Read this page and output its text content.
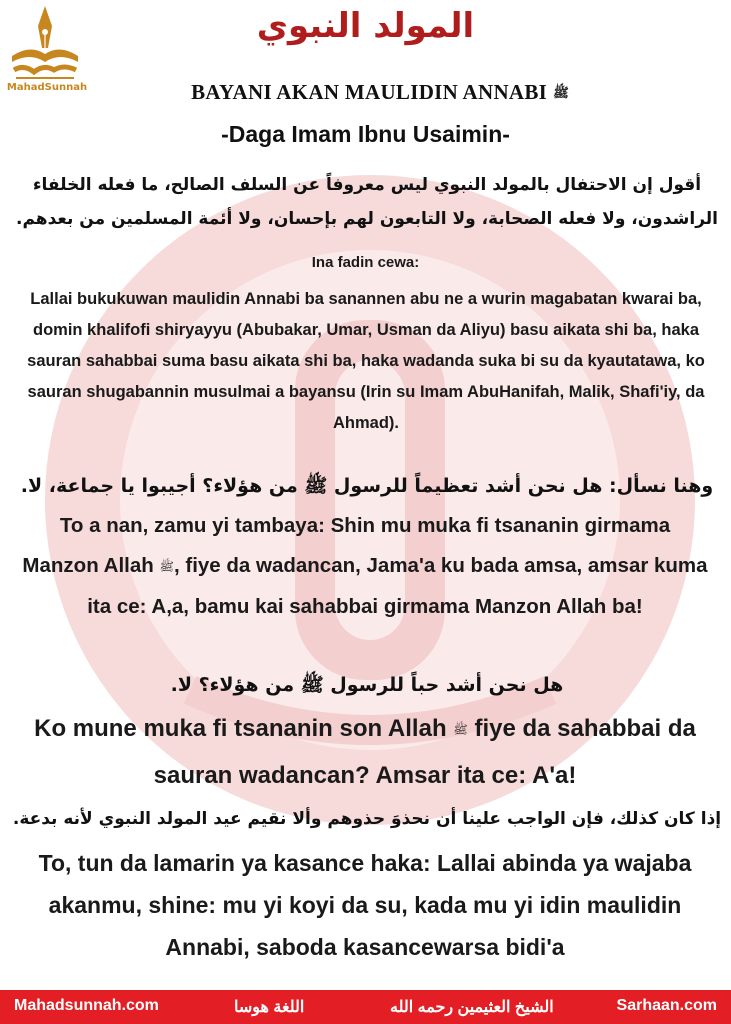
MahadSunnah
المولد النبوي
BAYANI AKAN MAULIDIN ANNABI ﷺ
-Daga Imam Ibnu Usaimin-
أقول إن الاحتفال بالمولد النبوي ليس معروفاً عن السلف الصالح، ما فعله الخلفاء الراشدون، ولا فعله الصحابة، ولا التابعون لهم بإحسان، ولا أئمة المسلمين من بعدهم.
Ina fadin cewa:
Lallai bukukuwan maulidin Annabi ba sanannen abu ne a wurin magabatan kwarai ba, domin khalifofi shiryayyu (Abubakar, Umar, Usman da Aliyu) basu aikata shi ba, haka sauran sahabbai suma basu aikata shi ba, haka wadanda suka bi su da kyautatawa, ko sauran shugabannin musulmai a bayansu (Irin su Imam AbuHanifah, Malik, Shafi'iy, da Ahmad).
وهنا نسأل: هل نحن أشد تعظيماً للرسول ﷺ من هؤلاء؟ أجيبوا يا جماعة، لا.
To a nan, zamu yi tambaya: Shin mu muka fi tsananin girmama Manzon Allah ﷺ, fiye da wadancan, Jama'a ku bada amsa, amsar kuma ita ce: A,a, bamu kai sahabbai girmama Manzon Allah ba!
هل نحن أشد حباً للرسول ﷺ من هؤلاء؟ لا.
Ko mune muka fi tsananin son Allah ﷺ fiye da sahabbai da sauran wadancan? Amsar ita ce: A'a!
إذا كان كذلك، فإن الواجب علينا أن نحذوَ حذوهم وألا نقيم عيد المولد النبوي لأنه بدعة.
To, tun da lamarin ya kasance haka: Lallai abinda ya wajaba akanmu, shine: mu yi koyi da su, kada mu yi idin maulidin Annabi, saboda kasancewarsa bidi'a
Mahadsunnah.com	اللغة هوسا	الشيخ العثيمين رحمه الله	Sarhaan.com
